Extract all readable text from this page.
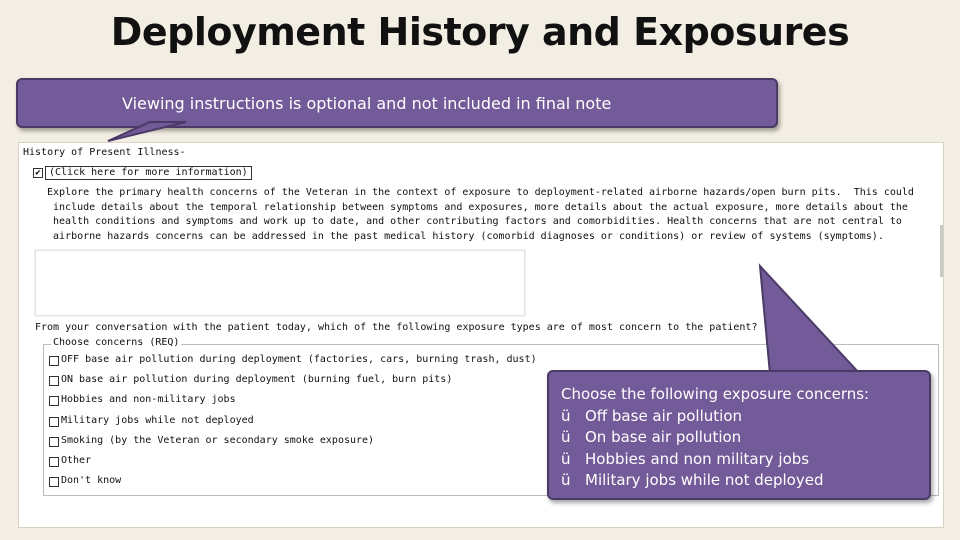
Deployment History and Exposures
History of Present Illness-
✔ (Click here for more information)
Explore the primary health concerns of the Veteran in the context of exposure to deployment-related airborne hazards/open burn pits.  This could
include details about the temporal relationship between symptoms and exposures, more details about the actual exposure, more details about the
health conditions and symptoms and work up to date, and other contributing factors and comorbidities. Health concerns that are not central to
airborne hazards concerns can be addressed in the past medical history (comorbid diagnoses or conditions) or review of systems (symptoms).
From your conversation with the patient today, which of the following exposure types are of most concern to the patient?
Choose concerns (REQ)
OFF base air pollution during deployment (factories, cars, burning trash, dust)
ON base air pollution during deployment (burning fuel, burn pits)
Hobbies and non-military jobs
Military jobs while not deployed
Smoking (by the Veteran or secondary smoke exposure)
Other
Don't know
Viewing instructions is optional and not included in final note
Choose the following exposure concerns:
ü Off base air pollution
ü On base air pollution
ü Hobbies and non military jobs
ü Military jobs while not deployed
